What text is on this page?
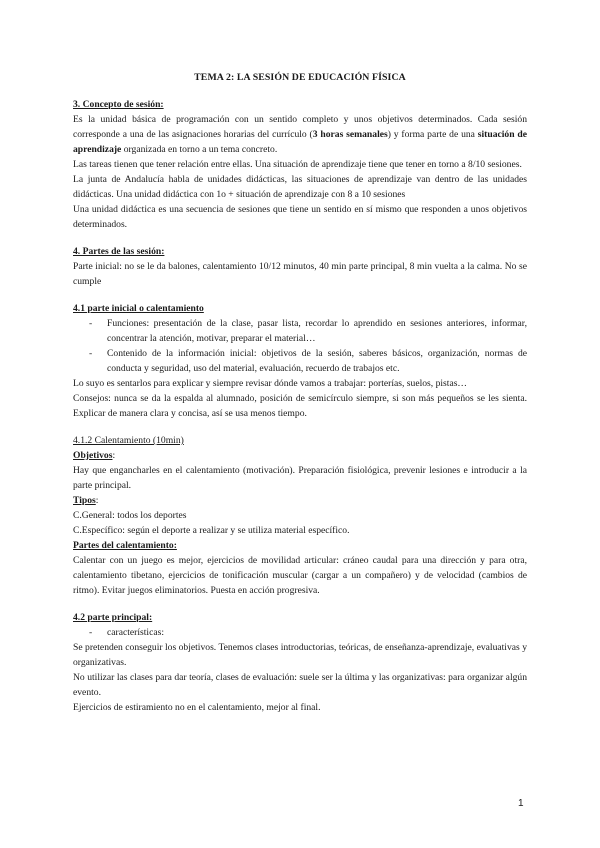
TEMA 2: LA SESIÓN DE EDUCACIÓN FÍSICA
3. Concepto de sesión:

Es la unidad básica de programación con un sentido completo y unos objetivos determinados. Cada sesión corresponde a una de las asignaciones horarias del currículo (3 horas semanales) y forma parte de una situación de aprendizaje organizada en torno a un tema concreto.

Las tareas tienen que tener relación entre ellas. Una situación de aprendizaje tiene que tener en torno a 8/10 sesiones.

La junta de Andalucía habla de unidades didácticas, las situaciones de aprendizaje van dentro de las unidades didácticas. Una unidad didáctica con 1o + situación de aprendizaje con 8 a 10 sesiones

Una unidad didáctica es una secuencia de sesiones que tiene un sentido en sí mismo que responden a unos objetivos determinados.

4. Partes de las sesión:

Parte inicial: no se le da balones, calentamiento 10/12 minutos, 40 min parte principal, 8 min vuelta a la calma. No se cumple

4.1 parte inicial o calentamiento
- Funciones: presentación de la clase, pasar lista, recordar lo aprendido en sesiones anteriores, informar, concentrar la atención, motivar, preparar el material…
- Contenido de la información inicial: objetivos de la sesión, saberes básicos, organización, normas de conducta y seguridad, uso del material, evaluación, recuerdo de trabajos etc.

Lo suyo es sentarlos para explicar y siempre revisar dónde vamos a trabajar: porterías, suelos, pistas…

Consejos: nunca se da la espalda al alumnado, posición de semicírculo siempre, si son más pequeños se les sienta. Explicar de manera clara y concisa, así se usa menos tiempo.

4.1.2 Calentamiento (10min)

Objetivos:

Hay que engancharles en el calentamiento (motivación). Preparación fisiológica, prevenir lesiones e introducir a la parte principal.

Tipos:

C.General: todos los deportes

C.Específico: según el deporte a realizar y se utiliza material específico.

Partes del calentamiento:

Calentar con un juego es mejor, ejercicios de movilidad articular: cráneo caudal para una dirección y para otra, calentamiento tibetano, ejercicios de tonificación muscular (cargar a un compañero) y de velocidad (cambios de ritmo). Evitar juegos eliminatorios. Puesta en acción progresiva.

4.2 parte principal:
- características:

Se pretenden conseguir los objetivos. Tenemos clases introductorias, teóricas, de enseñanza-aprendizaje, evaluativas y organizativas.

No utilizar las clases para dar teoría, clases de evaluación: suele ser la última y las organizativas: para organizar algún evento.

Ejercicios de estiramiento no en el calentamiento, mejor al final.

1
